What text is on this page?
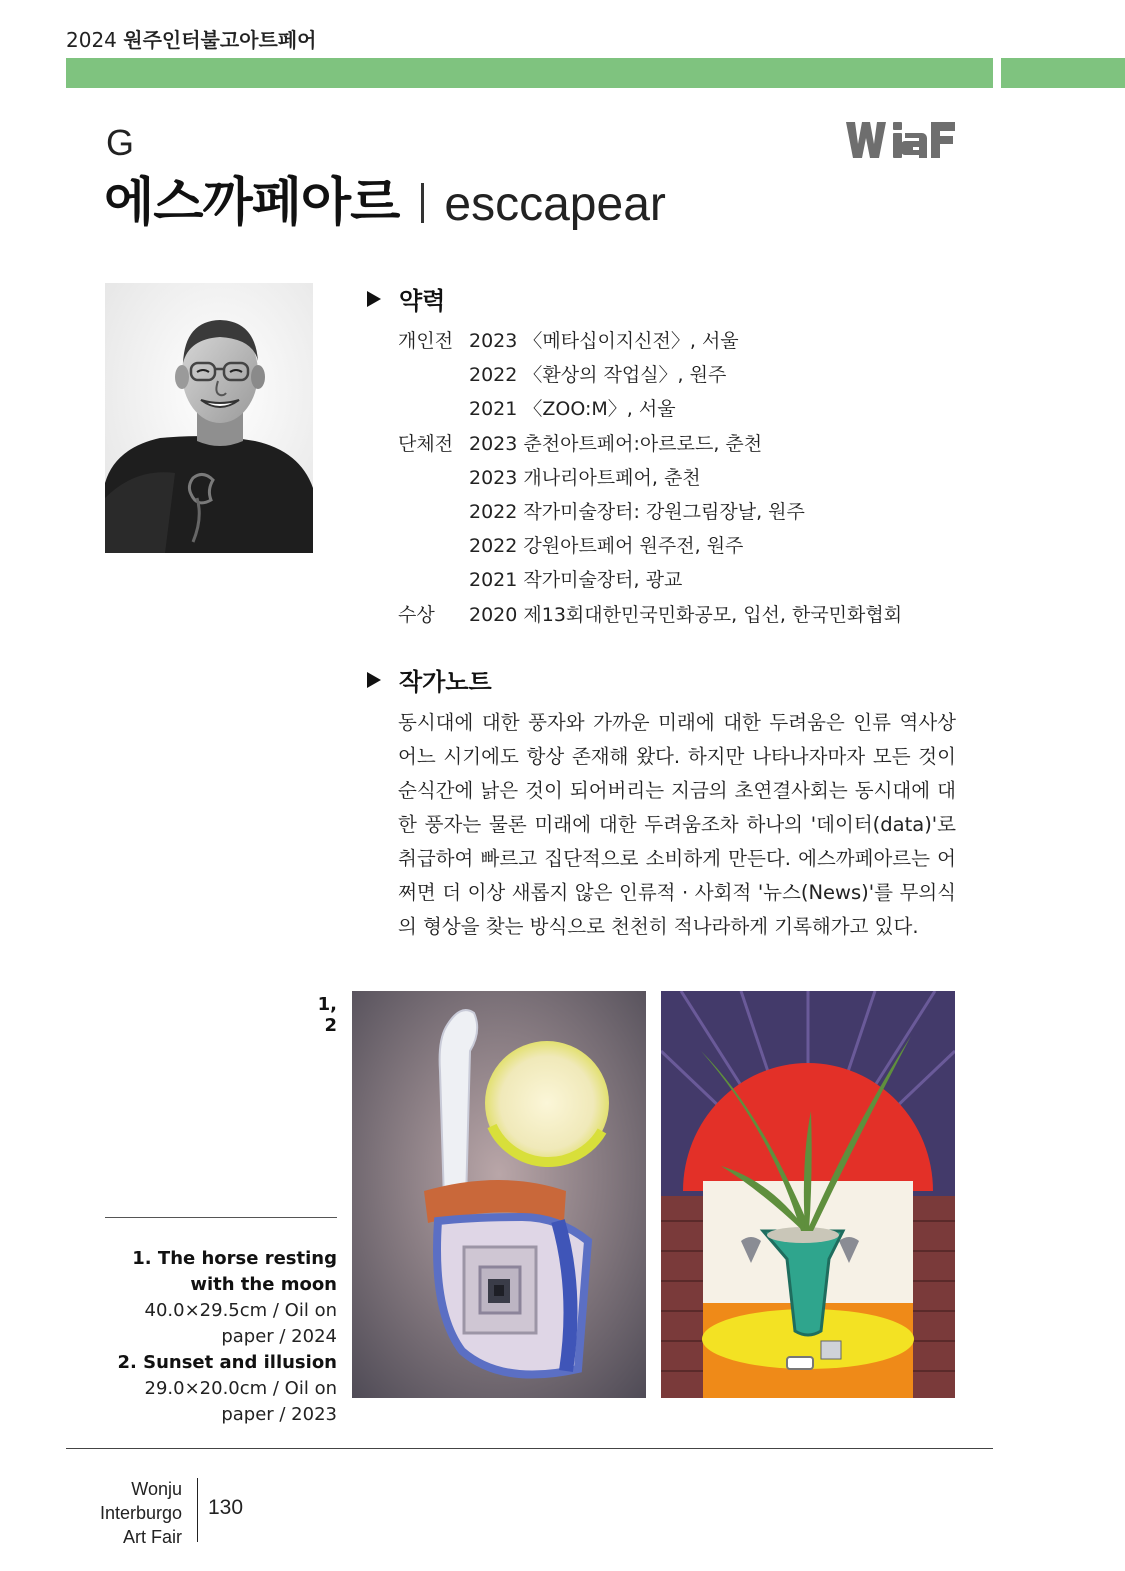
2024 원주인터불고아트페어
G
에스까페아르 esccapear
약력
개인전 2023 〈메타십이지신전〉, 서울
2022 〈환상의 작업실〉, 원주
2021 〈ZOO:M〉, 서울
단체전 2023 춘천아트페어:아르로드, 춘천
2023 개나리아트페어, 춘천
2022 작가미술장터: 강원그림장날, 원주
2022 강원아트페어 원주전, 원주
2021 작가미술장터, 광교
수상 2020 제13회대한민국민화공모, 입선, 한국민화협회
작가노트
동시대에 대한 풍자와 가까운 미래에 대한 두려움은 인류 역사상 어느 시기에도 항상 존재해 왔다. 하지만 나타나자마자 모든 것이 순식간에 낡은 것이 되어버리는 지금의 초연결사회는 동시대에 대한 풍자는 물론 미래에 대한 두려움조차 하나의 '데이터(data)'로 취급하여 빠르고 집단적으로 소비하게 만든다. 에스까페아르는 어쩌면 더 이상 새롭지 않은 인류적 · 사회적 '뉴스(News)'를 무의식의 형상을 찾는 방식으로 천천히 적나라하게 기록해가고 있다.
1, 2
1. The horse resting with the moon 40.0×29.5cm / Oil on paper / 2024
2. Sunset and illusion
29.0×20.0cm / Oil on paper / 2023
Wonju
Interburgo
Art Fair
130
